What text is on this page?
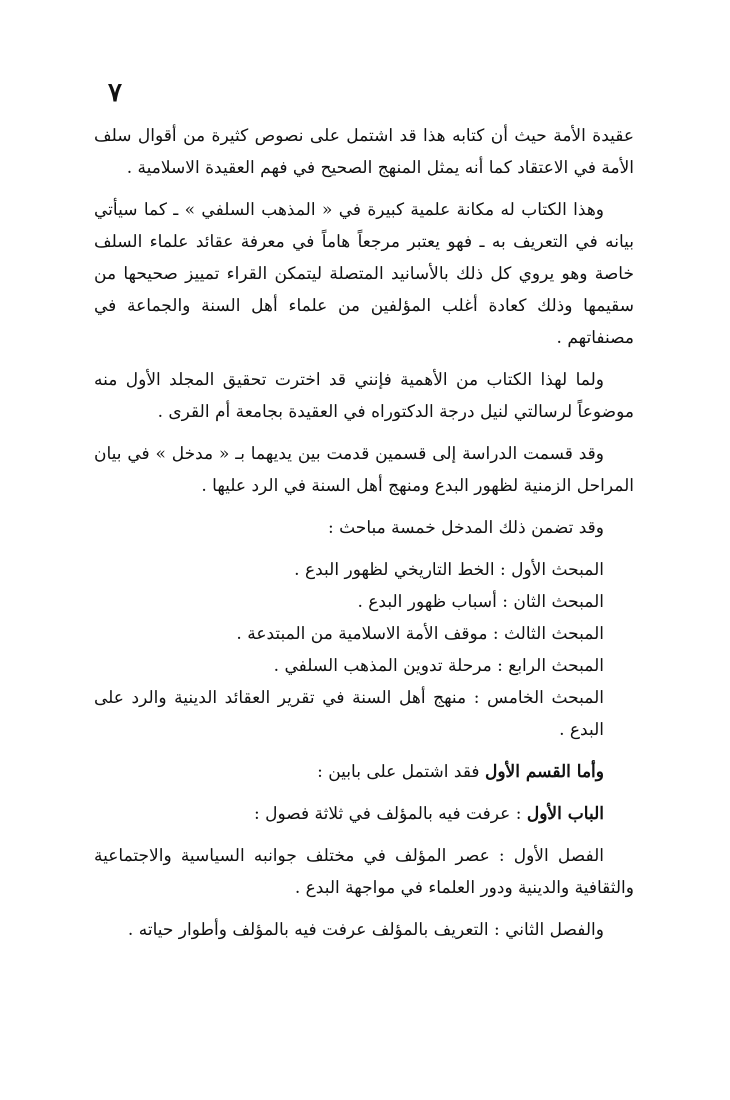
٧

عقيدة الأمة حيث أن كتابه هذا قد اشتمل على نصوص كثيرة من أقوال سلف الأمة في الاعتقاد كما أنه يمثل المنهج الصحيح في فهم العقيدة الاسلامية .

وهذا الكتاب له مكانة علمية كبيرة في « المذهب السلفي » ـ كما سيأتي بيانه في التعريف به ـ فهو يعتبر مرجعاً هاماً في معرفة عقائد علماء السلف خاصة وهو يروي كل ذلك بالأسانيد المتصلة ليتمكن القراء تمييز صحيحها من سقيمها وذلك كعادة أغلب المؤلفين من علماء أهل السنة والجماعة في مصنفاتهم .

ولما لهذا الكتاب من الأهمية فإنني قد اخترت تحقيق المجلد الأول منه موضوعاً لرسالتي لنيل درجة الدكتوراه في العقيدة بجامعة أم القرى .

وقد قسمت الدراسة إلى قسمين قدمت بين يديهما بـ « مدخل » في بيان المراحل الزمنية لظهور البدع ومنهج أهل السنة في الرد عليها .

وقد تضمن ذلك المدخل خمسة مباحث :

المبحث الأول : الخط التاريخي لظهور البدع .
المبحث الثان : أسباب ظهور البدع .
المبحث الثالث : موقف الأمة الاسلامية من المبتدعة .
المبحث الرابع : مرحلة تدوين المذهب السلفي .
المبحث الخامس : منهج أهل السنة في تقرير العقائد الدينية والرد على البدع .

وأما القسم الأول فقد اشتمل على بابين :

الباب الأول : عرفت فيه بالمؤلف في ثلاثة فصول :

الفصل الأول : عصر المؤلف في مختلف جوانبه السياسية والاجتماعية والثقافية والدينية ودور العلماء في مواجهة البدع .

والفصل الثاني : التعريف بالمؤلف عرفت فيه بالمؤلف وأطوار حياته .
